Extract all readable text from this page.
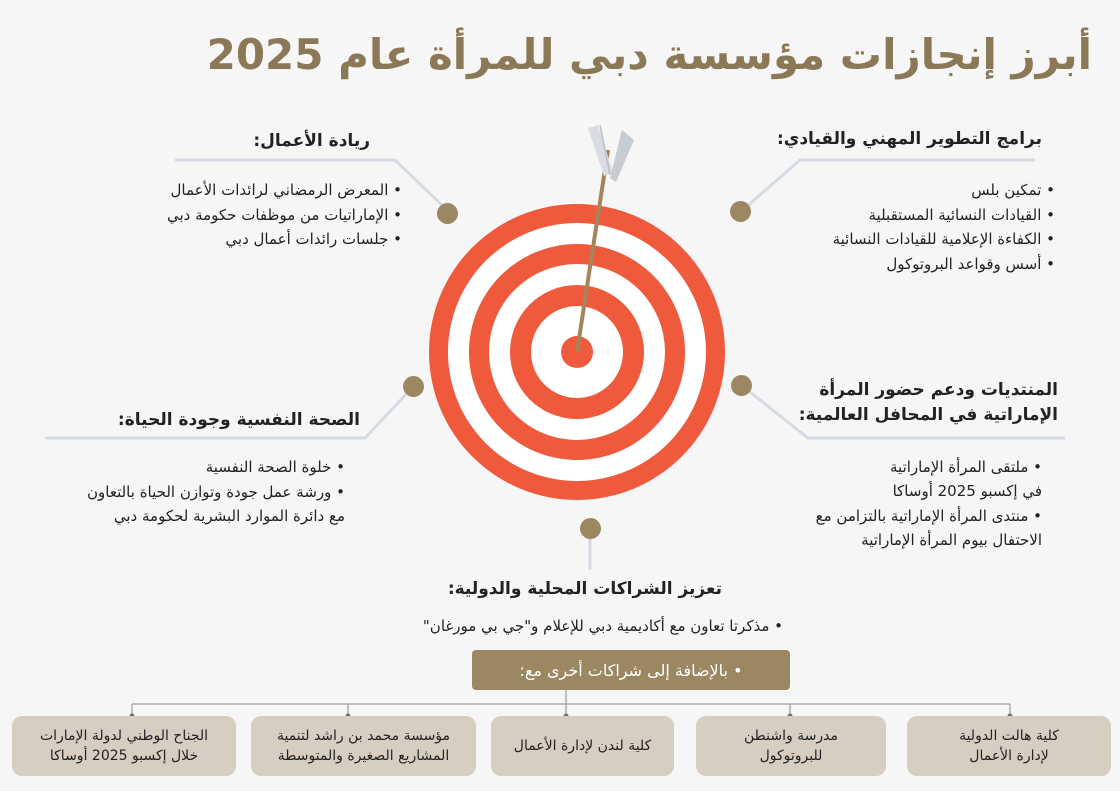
أبرز إنجازات مؤسسة دبي للمرأة عام 2025
ريادة الأعمال:
• المعرض الرمضاني لرائدات الأعمال
• الإماراتيات من موظفات حكومة دبي
• جلسات رائدات أعمال دبي
برامج التطوير المهني والقيادي:
• تمكين بلس
• القيادات النسائية المستقبلية
• الكفاءة الإعلامية للقيادات النسائية
• أسس وقواعد البروتوكول
الصحة النفسية وجودة الحياة:
• خلوة الصحة النفسية
• ورشة عمل جودة وتوازن الحياة بالتعاون
مع دائرة الموارد البشرية لحكومة دبي
المنتديات ودعم حضور المرأة
الإماراتية في المحافل العالمية:
• ملتقى المرأة الإماراتية
في إكسبو 2025 أوساكا
• منتدى المرأة الإماراتية بالتزامن مع
الاحتفال بيوم المرأة الإماراتية
تعزيز الشراكات المحلية والدولية:
• مذكرتا تعاون مع أكاديمية دبي للإعلام و"جي بي مورغان"
• بالإضافة إلى شراكات أخرى مع:
كلية هالت الدولية
لإدارة الأعمال
مدرسة واشنطن
للبروتوكول
كلية لندن لإدارة الأعمال
مؤسسة محمد بن راشد لتنمية
المشاريع الصغيرة والمتوسطة
الجناح الوطني لدولة الإمارات
خلال إكسبو 2025 أوساكا
